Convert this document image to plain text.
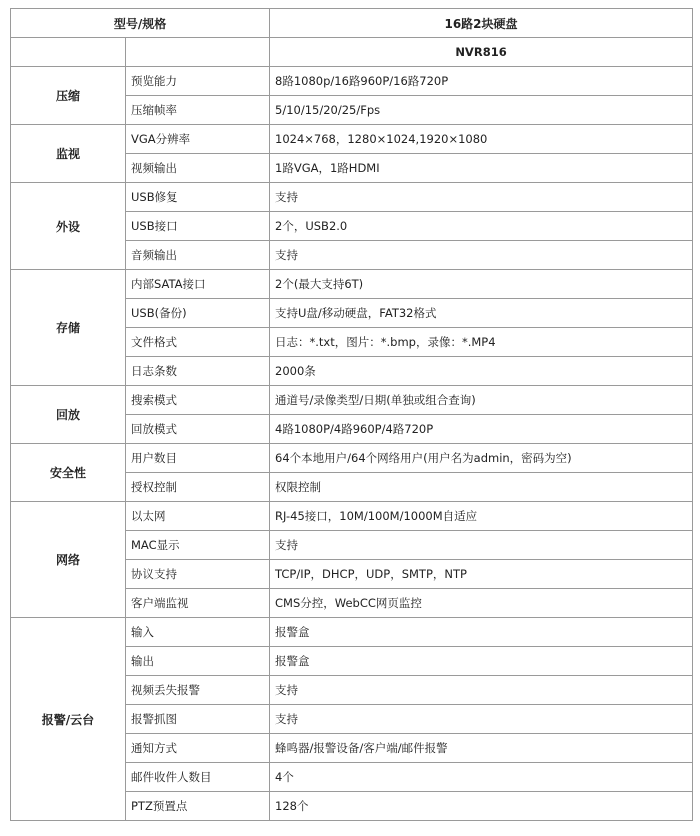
型号/规格		16路2块硬盘
		NVR816
压缩	预览能力	8路1080p/16路960P/16路720P
	压缩帧率	5/10/15/20/25/Fps
监视	VGA分辨率	1024×768，1280×1024,1920×1080
	视频输出	1路VGA，1路HDMI
外设	USB修复	支持
	USB接口	2个，USB2.0
	音频输出	支持
存储	内部SATA接口	2个(最大支持6T)
	USB(备份)	支持U盘/移动硬盘，FAT32格式
	文件格式	日志：*.txt，图片：*.bmp，录像：*.MP4
	日志条数	2000条
回放	搜索模式	通道号/录像类型/日期(单独或组合查询)
	回放模式	4路1080P/4路960P/4路720P
安全性	用户数目	64个本地用户/64个网络用户(用户名为admin，密码为空)
	授权控制	权限控制
网络	以太网	RJ-45接口，10M/100M/1000M自适应
	MAC显示	支持
	协议支持	TCP/IP，DHCP，UDP，SMTP，NTP
	客户端监视	CMS分控，WebCC网页监控
报警/云台	输入	报警盒
	输出	报警盒
	视频丢失报警	支持
	报警抓图	支持
	通知方式	蜂鸣器/报警设备/客户端/邮件报警
	邮件收件人数目	4个
	PTZ预置点	128个
